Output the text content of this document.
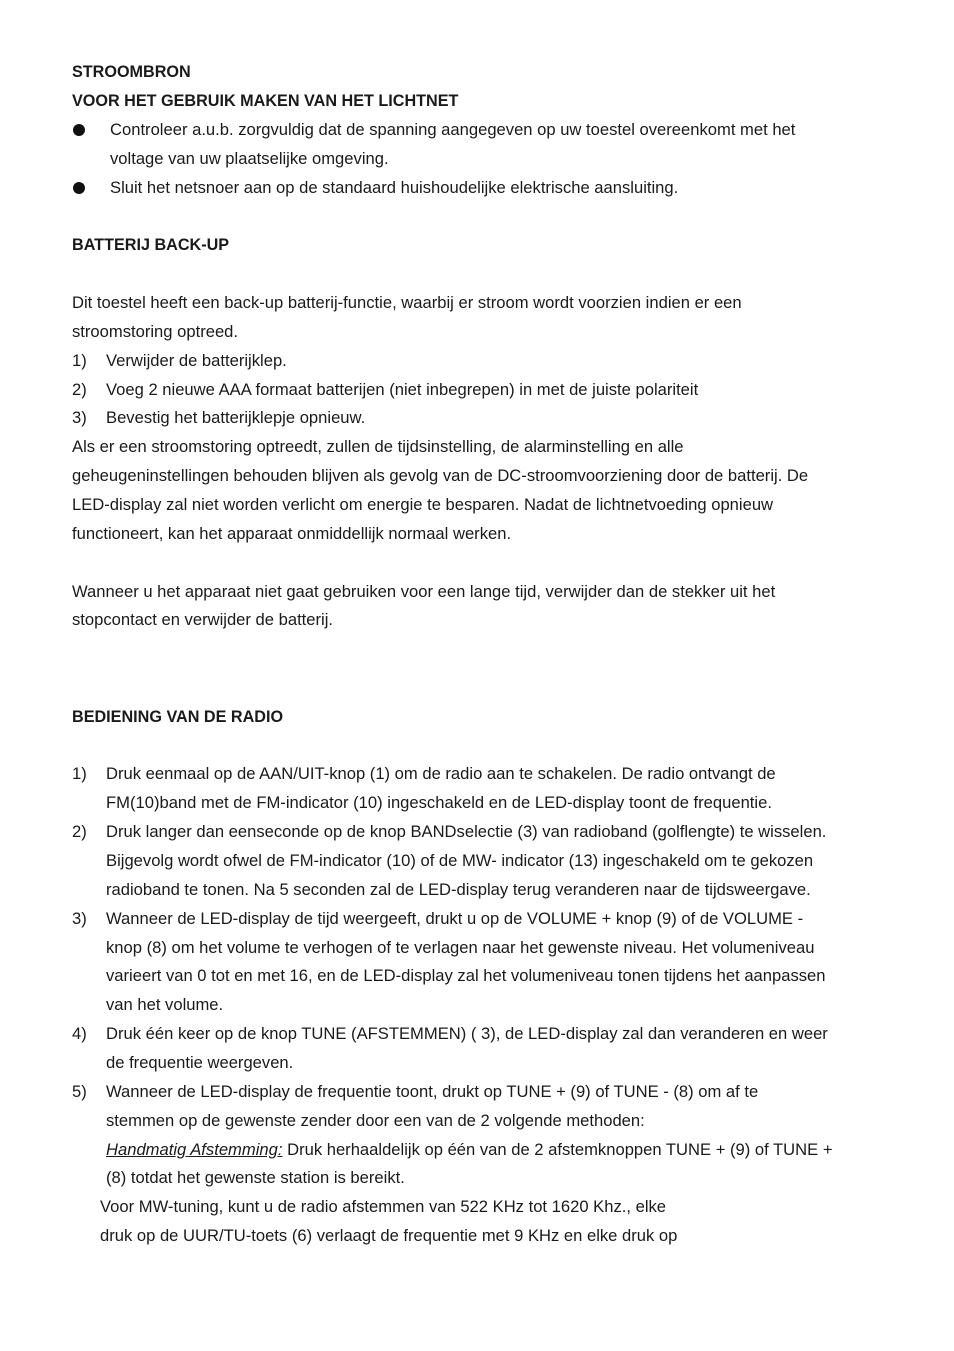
STROOMBRON
VOOR HET GEBRUIK MAKEN VAN HET LICHTNET
Controleer a.u.b. zorgvuldig dat de spanning aangegeven op uw toestel overeenkomt met het
voltage van uw plaatselijke omgeving.
Sluit het netsnoer aan op de standaard huishoudelijke elektrische aansluiting.
BATTERIJ BACK-UP
Dit toestel heeft een back-up batterij-functie, waarbij er stroom wordt voorzien indien er een
stroomstoring optreed.
1) Verwijder de batterijklep.
2) Voeg 2 nieuwe AAA formaat batterijen (niet inbegrepen) in met de juiste polariteit
3) Bevestig het batterijklepje opnieuw.
Als er een stroomstoring optreedt, zullen de tijdsinstelling, de alarminstelling en alle
geheugeninstellingen behouden blijven als gevolg van de DC-stroomvoorziening door de batterij. De
LED-display zal niet worden verlicht om energie te besparen. Nadat de lichtnetvoeding opnieuw
functioneert, kan het apparaat onmiddellijk normaal werken.
Wanneer u het apparaat niet gaat gebruiken voor een lange tijd, verwijder dan de stekker uit het
stopcontact en verwijder de batterij.
BEDIENING VAN DE RADIO
1) Druk eenmaal op de AAN/UIT-knop (1) om de radio aan te schakelen. De radio ontvangt de
FM(10)band met de FM-indicator (10) ingeschakeld en de LED-display toont de frequentie.
2) Druk langer dan eenseconde op de knop BANDselectie (3) van radioband (golflengte) te wisselen.
Bijgevolg wordt ofwel de FM-indicator (10) of de MW- indicator (13) ingeschakeld om te gekozen
radioband te tonen. Na 5 seconden zal de LED-display terug veranderen naar de tijdsweergave.
3) Wanneer de LED-display de tijd weergeeft, drukt u op de VOLUME + knop (9) of de VOLUME -
knop (8) om het volume te verhogen of te verlagen naar het gewenste niveau. Het volumeniveau
varieert van 0 tot en met 16, en de LED-display zal het volumeniveau tonen tijdens het aanpassen
van het volume.
4) Druk één keer op de knop TUNE (AFSTEMMEN) ( 3), de LED-display zal dan veranderen en weer
de frequentie weergeven.
5) Wanneer de LED-display de frequentie toont, drukt op TUNE + (9) of TUNE - (8) om af te
stemmen op de gewenste zender door een van de 2 volgende methoden:
Handmatig Afstemming: Druk herhaaldelijk op één van de 2 afstemknoppen TUNE + (9) of TUNE +
(8) totdat het gewenste station is bereikt.
Voor MW-tuning, kunt u de radio afstemmen van 522 KHz tot 1620 Khz., elke
druk op de UUR/TU-toets (6) verlaagt de frequentie met 9 KHz en elke druk op
